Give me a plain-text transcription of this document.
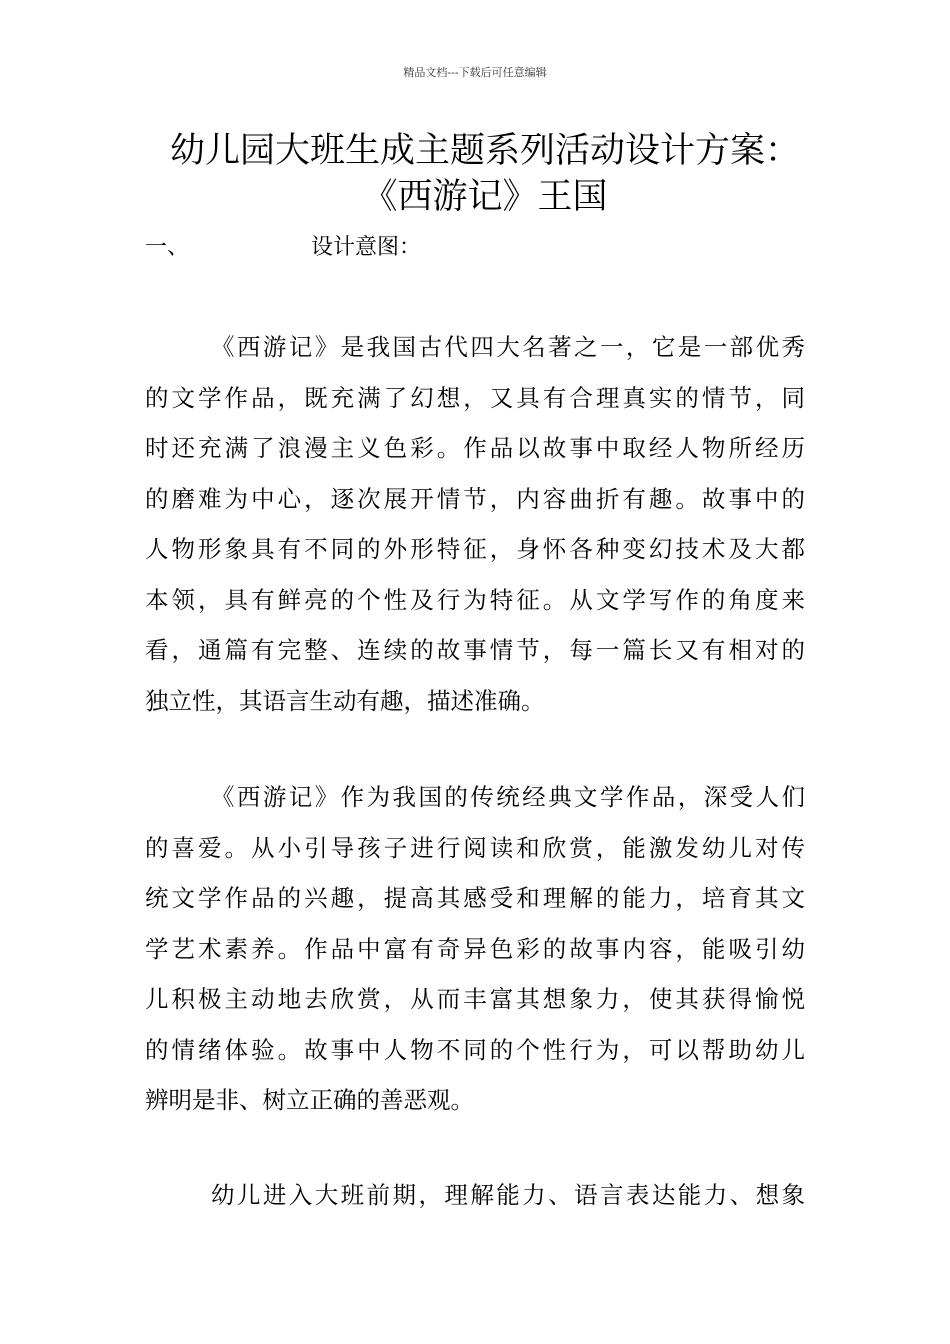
精品文档---下载后可任意编辑
幼儿园大班生成主题系列活动设计方案：
《西游记》王国
一、	设计意图：

《西游记》是我国古代四大名著之一，它是一部优秀
的文学作品，既充满了幻想，又具有合理真实的情节，同
时还充满了浪漫主义色彩。作品以故事中取经人物所经历
的磨难为中心，逐次展开情节，内容曲折有趣。故事中的
人物形象具有不同的外形特征，身怀各种变幻技术及大都
本领，具有鲜亮的个性及行为特征。从文学写作的角度来
看，通篇有完整、连续的故事情节，每一篇长又有相对的
独立性，其语言生动有趣，描述准确。

《西游记》作为我国的传统经典文学作品，深受人们
的喜爱。从小引导孩子进行阅读和欣赏，能激发幼儿对传
统文学作品的兴趣，提高其感受和理解的能力，培育其文
学艺术素养。作品中富有奇异色彩的故事内容，能吸引幼
儿积极主动地去欣赏，从而丰富其想象力，使其获得愉悦
的情绪体验。故事中人物不同的个性行为，可以帮助幼儿
辨明是非、树立正确的善恶观。

幼儿进入大班前期，理解能力、语言表达能力、想象
